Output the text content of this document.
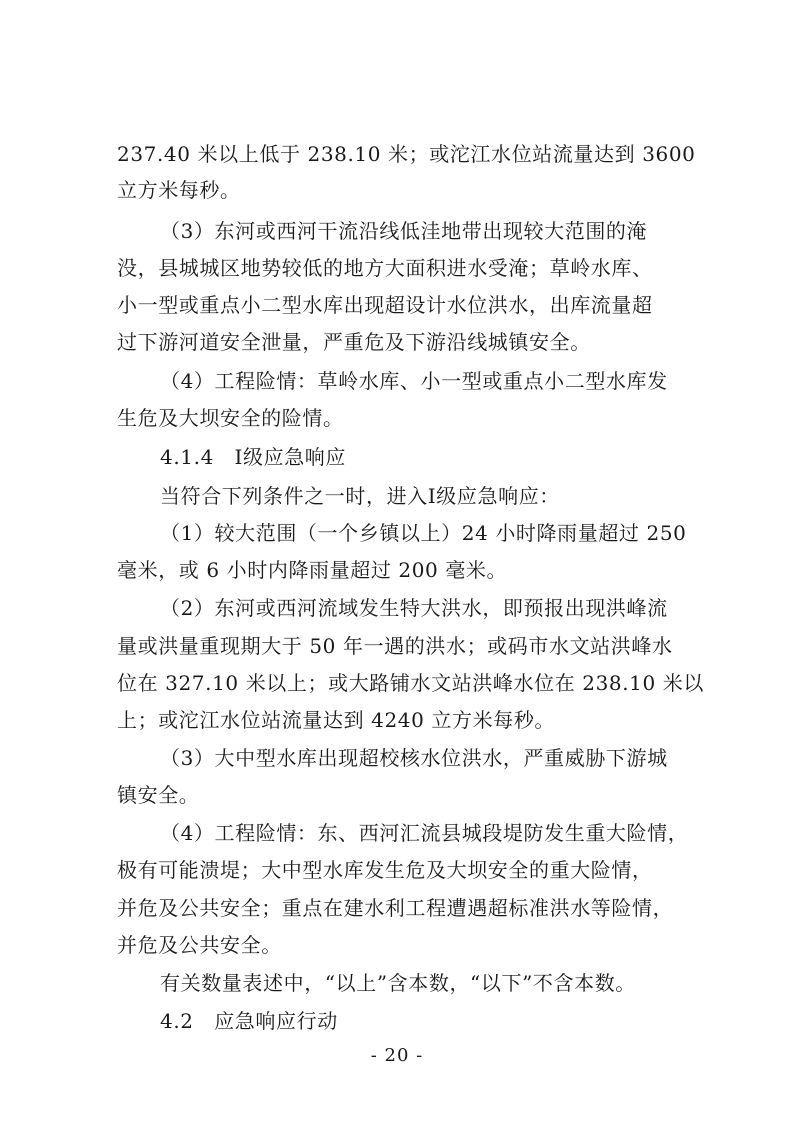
237.40 米以上低于 238.10 米；或沱江水位站流量达到 3600
立方米每秒。
（3）东河或西河干流沿线低洼地带出现较大范围的淹
没，县城城区地势较低的地方大面积进水受淹；草岭水库、
小一型或重点小二型水库出现超设计水位洪水，出库流量超
过下游河道安全泄量，严重危及下游沿线城镇安全。
（4）工程险情：草岭水库、小一型或重点小二型水库发
生危及大坝安全的险情。
4.1.4　Ⅰ级应急响应
当符合下列条件之一时，进入Ⅰ级应急响应：
（1）较大范围（一个乡镇以上）24 小时降雨量超过 250
毫米，或 6 小时内降雨量超过 200 毫米。
（2）东河或西河流域发生特大洪水，即预报出现洪峰流
量或洪量重现期大于 50 年一遇的洪水；或码市水文站洪峰水
位在 327.10 米以上；或大路铺水文站洪峰水位在 238.10 米以
上；或沱江水位站流量达到 4240 立方米每秒。
（3）大中型水库出现超校核水位洪水，严重威胁下游城
镇安全。
（4）工程险情：东、西河汇流县城段堤防发生重大险情，
极有可能溃堤；大中型水库发生危及大坝安全的重大险情，
并危及公共安全；重点在建水利工程遭遇超标准洪水等险情，
并危及公共安全。
有关数量表述中，“以上”含本数，“以下”不含本数。
4.2　应急响应行动
- 20 -
